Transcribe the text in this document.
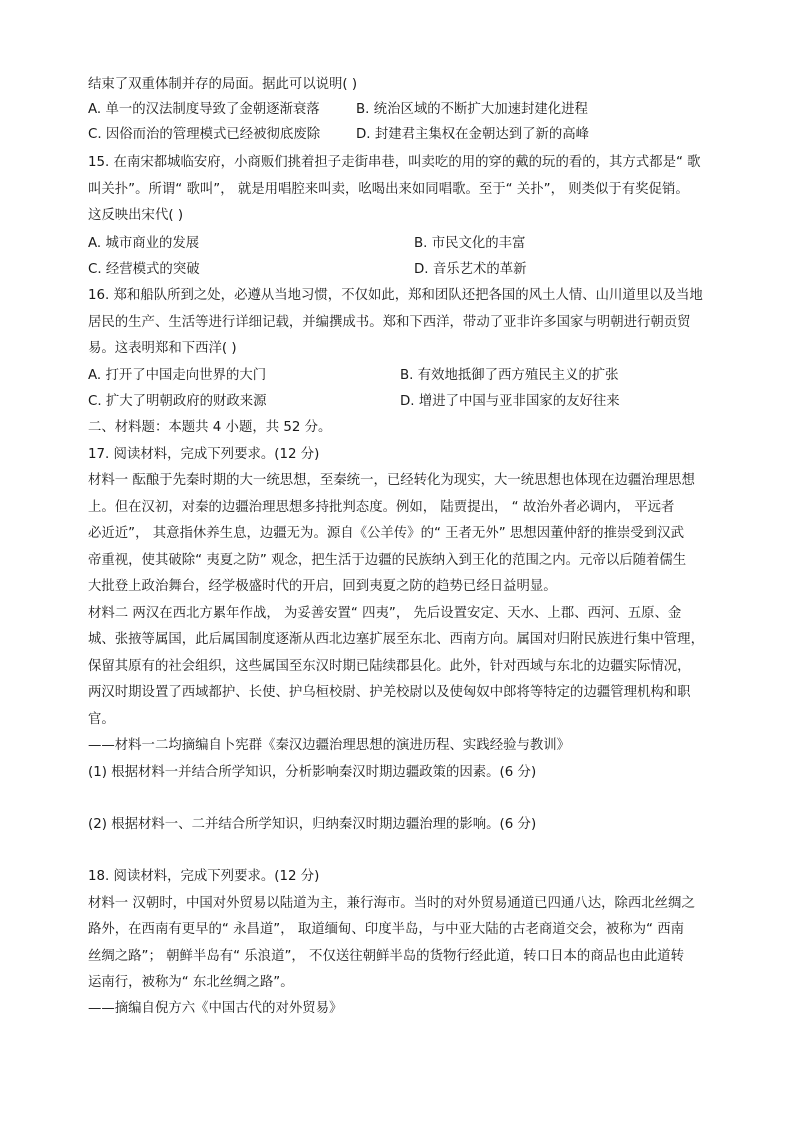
结束了双重体制并存的局面。据此可以说明( )
A. 单一的汉法制度导致了金朝逐渐衰落	B. 统治区域的不断扩大加速封建化进程
C. 因俗而治的管理模式已经被彻底废除	D. 封建君主集权在金朝达到了新的高峰
15. 在南宋都城临安府，小商贩们挑着担子走街串巷，叫卖吃的用的穿的戴的玩的看的，其方式都是“ 歌
叫关扑”。所谓“ 歌叫”， 就是用唱腔来叫卖，吆喝出来如同唱歌。至于“ 关扑”， 则类似于有奖促销。
这反映出宋代( )
A. 城市商业的发展	B. 市民文化的丰富
C. 经营模式的突破	D. 音乐艺术的革新
16. 郑和船队所到之处，必遵从当地习惯，不仅如此，郑和团队还把各国的风土人情、山川道里以及当地
居民的生产、生活等进行详细记载，并编撰成书。郑和下西洋，带动了亚非许多国家与明朝进行朝贡贸
易。这表明郑和下西洋( )
A. 打开了中国走向世界的大门	B. 有效地抵御了西方殖民主义的扩张
C. 扩大了明朝政府的财政来源	D. 增进了中国与亚非国家的友好往来
二、材料题：本题共 4 小题，共 52 分。
17. 阅读材料，完成下列要求。(12 分)
材料一 酝酿于先秦时期的大一统思想，至秦统一，已经转化为现实，大一统思想也体现在边疆治理思想
上。但在汉初，对秦的边疆治理思想多持批判态度。例如， 陆贾提出， “ 故治外者必调内， 平远者
必近近”， 其意指休养生息，边疆无为。源自《公羊传》的“ 王者无外” 思想因董仲舒的推崇受到汉武
帝重视，使其破除“ 夷夏之防” 观念，把生活于边疆的民族纳入到王化的范围之内。元帝以后随着儒生
大批登上政治舞台，经学极盛时代的开启，回到夷夏之防的趋势已经日益明显。
材料二 两汉在西北方累年作战， 为妥善安置“ 四夷”， 先后设置安定、天水、上郡、西河、五原、金
城、张掖等属国，此后属国制度逐渐从西北边塞扩展至东北、西南方向。属国对归附民族进行集中管理，
保留其原有的社会组织，这些属国至东汉时期已陆续郡县化。此外，针对西域与东北的边疆实际情况，
两汉时期设置了西域都护、长使、护乌桓校尉、护羌校尉以及使匈奴中郎将等特定的边疆管理机构和职
官。
——材料一二均摘编自卜宪群《秦汉边疆治理思想的演进历程、实践经验与教训》
(1) 根据材料一并结合所学知识，分析影响秦汉时期边疆政策的因素。(6 分)
(2) 根据材料一、二并结合所学知识，归纳秦汉时期边疆治理的影响。(6 分)
18. 阅读材料，完成下列要求。(12 分)
材料一 汉朝时，中国对外贸易以陆道为主，兼行海市。当时的对外贸易通道已四通八达，除西北丝绸之
路外，在西南有更早的“ 永昌道”， 取道缅甸、印度半岛，与中亚大陆的古老商道交会，被称为“ 西南
丝绸之路”； 朝鲜半岛有“ 乐浪道”， 不仅送往朝鲜半岛的货物行经此道，转口日本的商品也由此道转
运南行，被称为“ 东北丝绸之路”。
——摘编自倪方六《中国古代的对外贸易》
